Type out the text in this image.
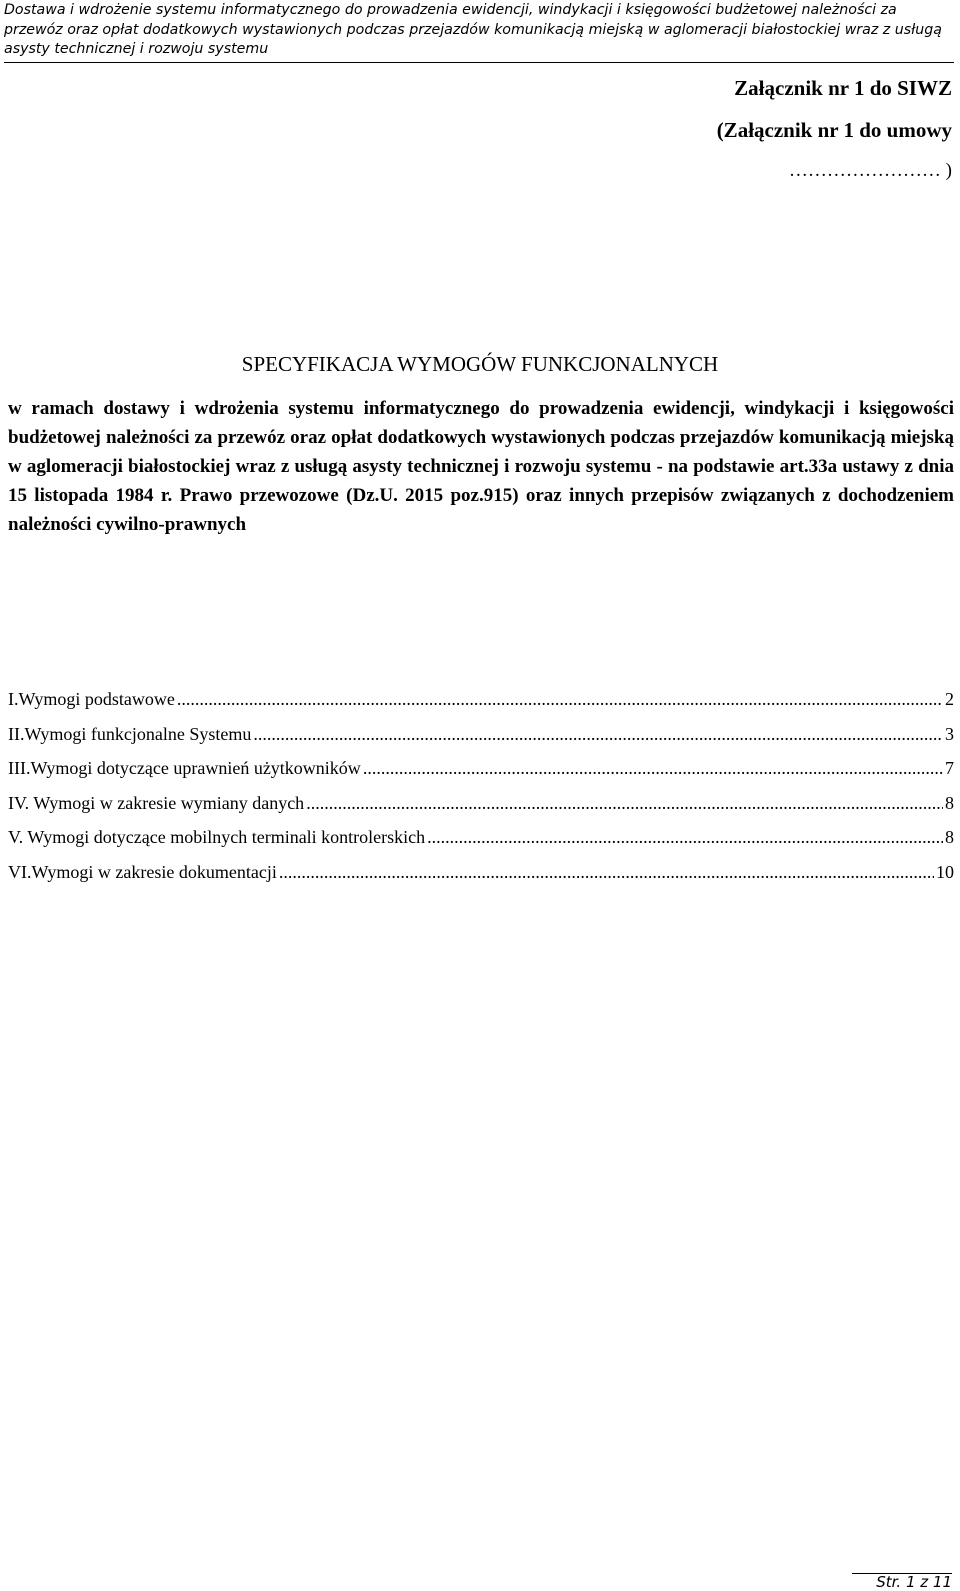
Dostawa i wdrożenie systemu informatycznego do prowadzenia ewidencji, windykacji i księgowości budżetowej należności za przewóz oraz opłat dodatkowych wystawionych podczas przejazdów komunikacją miejską w aglomeracji białostockiej wraz z usługą asysty technicznej i rozwoju systemu
Załącznik nr 1 do SIWZ
(Załącznik nr 1 do umowy
…………………… )
SPECYFIKACJA WYMOGÓW FUNKCJONALNYCH

w ramach dostawy i wdrożenia systemu informatycznego do prowadzenia ewidencji, windykacji i księgowości budżetowej należności za przewóz oraz opłat dodatkowych wystawionych podczas przejazdów komunikacją miejską w aglomeracji białostockiej wraz z usługą asysty technicznej i rozwoju systemu - na podstawie art.33a ustawy z dnia 15 listopada 1984 r. Prawo przewozowe (Dz.U. 2015 poz.915) oraz innych przepisów związanych z dochodzeniem należności cywilno-prawnych

I.Wymogi podstawowe .....	2
II.Wymogi funkcjonalne Systemu .....	3
III.Wymogi dotyczące uprawnień użytkowników .....	7
IV. Wymogi w zakresie wymiany danych .....	8
V. Wymogi dotyczące mobilnych terminali kontrolerskich .....	8
VI.Wymogi w zakresie dokumentacji .....	10
Str. 1 z 11
